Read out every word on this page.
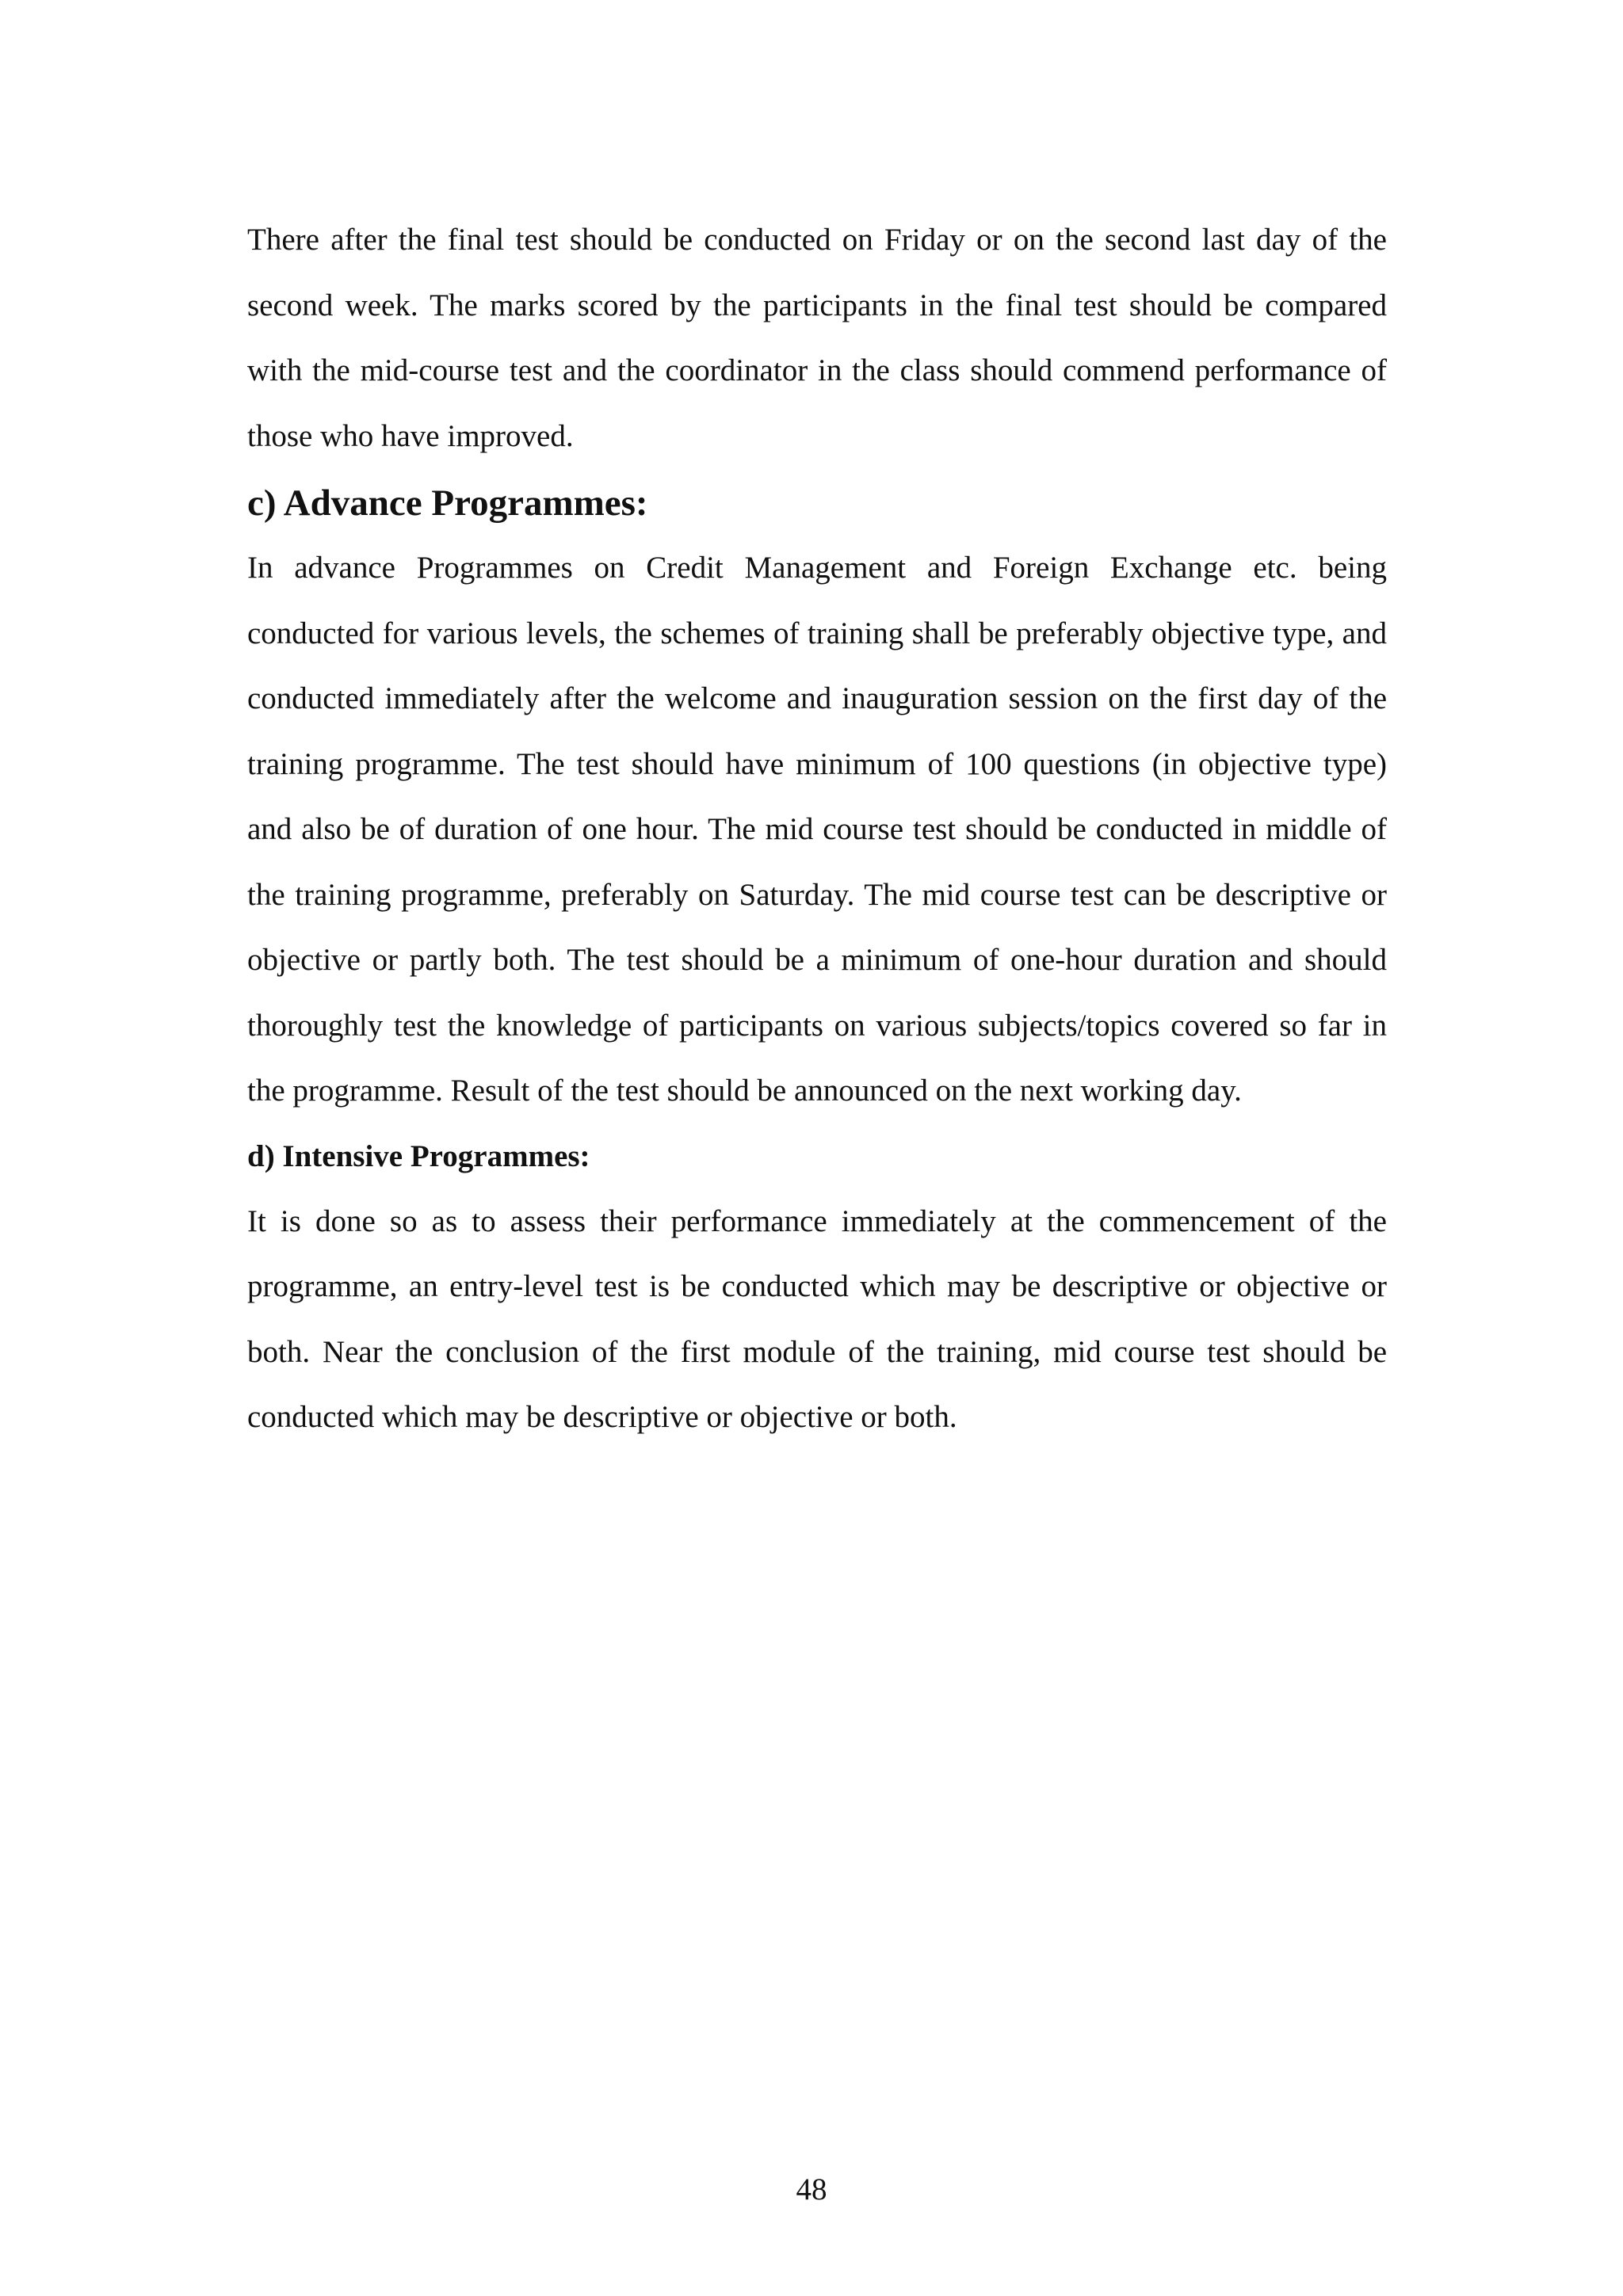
There after the final test should be conducted on Friday or on the second last day of the second week. The marks scored by the participants in the final test should be compared with the mid-course test and the coordinator in the class should commend performance of those who have improved.

c) Advance Programmes:

In advance Programmes on Credit Management and Foreign Exchange etc. being conducted for various levels, the schemes of training shall be preferably objective type, and conducted immediately after the welcome and inauguration session on the first day of the training programme. The test should have minimum of 100 questions (in objective type) and also be of duration of one hour. The mid course test should be conducted in middle of the training programme, preferably on Saturday. The mid course test can be descriptive or objective or partly both. The test should be a minimum of one-hour duration and should thoroughly test the knowledge of participants on various subjects/topics covered so far in the programme. Result of the test should be announced on the next working day.

d) Intensive Programmes:

It is done so as to assess their performance immediately at the commencement of the programme, an entry-level test is be conducted which may be descriptive or objective or both. Near the conclusion of the first module of the training, mid course test should be conducted which may be descriptive or objective or both.

48
